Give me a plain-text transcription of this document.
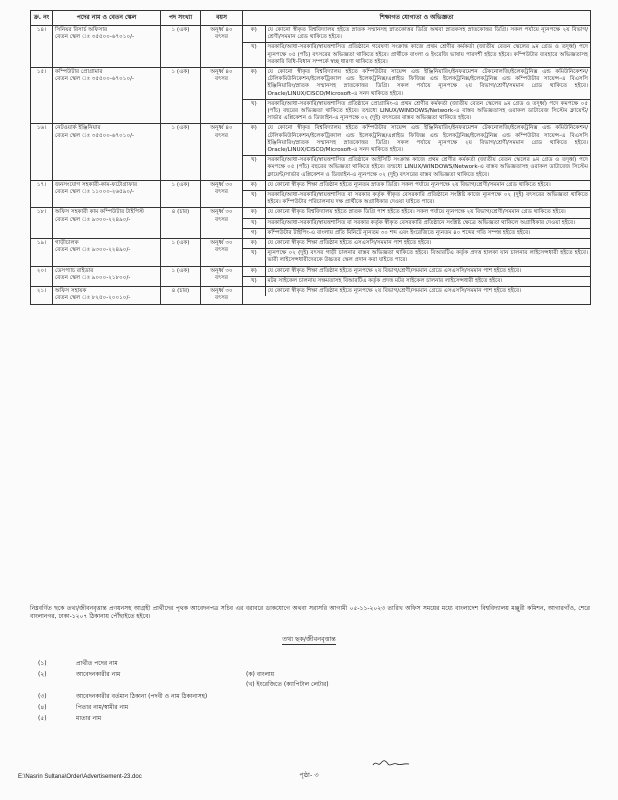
ক্র. নং	পদের নাম ও বেতন স্কেল	পদ সংখ্যা	বয়স	শিক্ষাগত যোগ্যতা ও অভিজ্ঞতা
১৪।	সিনিয়র রিসার্চ অফিসার
বেতন স্কেল ঃ ৩৫৫০০-৬৭০১০/-
	১ (এক)	অনূর্ধ্ব ৪০ বৎসর	
ক)	যে কোনো স্বীকৃত বিশ্ববিদ্যালয় হইতে স্নাতক সম্মানসহ স্নাতকোত্তর ডিগ্রি অথবা স্নাতকসহ স্নাতকোত্তর ডিগ্রি। সকল পর্যায়ে ন্যূনপক্ষে ২য় বিভাগ/শ্রেণী/সমমান গ্রেড থাকিতে হইবে।
খ)	সরকারি/আধা-সরকারি/স্বায়ত্তশাসিত প্রতিষ্ঠানে গবেষণা সংক্রান্ত কাজে প্রথম শ্রেণীর কর্মকর্তা (জাতীয় বেতন স্কেলের ৯ম গ্রেড ও তদূর্ধ্ব) পদে ন্যূনপক্ষে ০৫ (পাঁচ) বৎসরের অভিজ্ঞতা থাকিতে হইবে। প্রার্থীকে বাংলা ও ইংরেজি ভাষায় পারদর্শী হইতে হইবে। কম্পিউটার ব্যবহারে অভিজ্ঞতাসহ সরকারি বিধি-বিধান সম্পর্কে স্বচ্ছ ধারণা থাকিতে হইবে।

১৫।	কম্পিউটার প্রোগ্রামার
বেতন স্কেল ঃ ৩৫৫০০-৬৭০১০/-
	১ (এক)	অনূর্ধ্ব ৪০ বৎসর	
ক)	যে কোনো স্বীকৃত বিশ্ববিদ্যালয় হইতে কম্পিউটার সায়েন্স এন্ড ইঞ্জিনিয়ারিং/ইনফরমেশন টেকনোলজি/ইলেকট্রনিক্স এন্ড কমিউনিকেশন/টেলিকমিউনিকেশন/ইলেকট্রিক্যাল এন্ড ইলেকট্রনিক্স/এপ্লাইড ফিজিক্স এন্ড ইলেকট্রনিক্স/ইলেকট্রনিক্স এন্ড কম্পিউটার সায়েন্স-এ বিএসসি ইঞ্জিনিয়ারিং/স্নাতক সম্মানসহ স্নাতকোত্তর ডিগ্রি। সকল পর্যায়ে ন্যূনপক্ষে ২য় বিভাগ/শ্রেণী/সমমান গ্রেড থাকিতে হইবে। Oracle/LINUX/CISCO/Microsoft-এ সনদ থাকিতে হইবে।
খ)	সরকারি/আধা-সরকারি/স্বায়ত্তশাসিত প্রতিষ্ঠানে প্রোগ্রামিং-এ প্রথম শ্রেণীর কর্মকর্তা (জাতীয় বেতন স্কেলের ৯ম গ্রেড ও তদূর্ধ্ব) পদে কমপক্ষে ০৫ (পাঁচ) বছরের অভিজ্ঞতা থাকিতে হইবে। তন্মধ্যে LINUX/WINDOWS/Network-এ বাস্তব অভিজ্ঞতাসহ ওরাকল ডাটাবেজ সিস্টেম ক্লায়েন্ট/সার্ভার এপ্লিকেশন ও ডিজাইন-এ ন্যূনপক্ষে ০২ (দুই) বৎসরের বাস্তব অভিজ্ঞতা থাকিতে হইবে।

১৬।	নেটওয়ার্ক ইঞ্জিনিয়ার
বেতন স্কেল ঃ ৩৫৫০০-৬৭০১০/-
	১ (এক)	অনূর্ধ্ব ৪০ বৎসর	
ক)	যে কোনো স্বীকৃত বিশ্ববিদ্যালয় হইতে কম্পিউটার সায়েন্স এন্ড ইঞ্জিনিয়ারিং/ইনফরমেশন টেকনোলজি/ইলেকট্রনিক্স এন্ড কমিউনিকেশন/টেলিকমিউনিকেশন/ইলেকট্রিক্যাল এন্ড ইলেকট্রনিক্স/এপ্লাইড ফিজিক্স এন্ড ইলেকট্রনিক্স/ইলেকট্রনিক্স এন্ড কম্পিউটার সায়েন্স-এ বিএসসি ইঞ্জিনিয়ারিং/স্নাতক সম্মানসহ স্নাতকোত্তর ডিগ্রি। সকল পর্যায়ে ন্যূনপক্ষে ২য় বিভাগ/শ্রেণী/সমমান গ্রেড থাকিতে হইবে। Oracle/LINUX/CISCO/Microsoft-এ সনদ থাকিতে হইবে।
খ)	সরকারি/আধা-সরকারি/স্বায়ত্তশাসিত প্রতিষ্ঠানে আইসিটি সংক্রান্ত কাজে প্রথম শ্রেণীর কর্মকর্তা (জাতীয় বেতন স্কেলের ৯ম গ্রেড ও তদূর্ধ্ব) পদে কমপক্ষে ০৫ (পাঁচ) বছরের অভিজ্ঞতা থাকিতে হইবে। তন্মধ্যে LINUX/WINDOWS/Network-এ বাস্তব অভিজ্ঞতাসহ ওরাকল ডাটাবেজ সিস্টেম ক্লায়েন্ট/সার্ভার এপ্লিকেশন ও ডিজাইন-এ ন্যূনপক্ষে ০২ (দুই) বৎসরের বাস্তব অভিজ্ঞতা থাকিতে হইবে।

১৭।	জনসংযোগ সহকারী-কাম-ফটোগ্রাফার
বেতন স্কেল ঃ ১১০০০-২৬৫৯০/-
	১ (এক)	অনূর্ধ্ব ৩০ বৎসর	
ক)	যে কোনো স্বীকৃত শিক্ষা প্রতিষ্ঠান হইতে ন্যূনতম স্নাতক ডিগ্রি। সকল পর্যায়ে ন্যূনপক্ষে ২য় বিভাগ/শ্রেণী/সমমান গ্রেড থাকিতে হইবে।
খ)	সরকারি/আধা-সরকারি/স্বায়ত্তশাসিত বা সরকার কর্তৃক স্বীকৃত বেসরকারি প্রতিষ্ঠানে সংশ্লিষ্ট কাজে ন্যূনপক্ষে ০২ (দুই) বৎসরের অভিজ্ঞতা থাকিতে হইবে। কম্পিউটার পরিচালনায় দক্ষ প্রার্থীকে অগ্রাধিকার দেওয়া যাইতে পারে।

১৮।	অফিস সহকারী কাম কম্পিউটার টাইপিস্ট
বেতন স্কেল ঃ ৯৩০০-২২৪৯০/-
	৪ (চার)	অনূর্ধ্ব ৩০ বৎসর	
ক)	যে কোনো স্বীকৃত বিশ্ববিদ্যালয় হইতে স্নাতক ডিগ্রি পাশ হইতে হইবে। সকল পর্যায়ে ন্যূনপক্ষে ২য় বিভাগ/শ্রেণী/সমমান গ্রেড থাকিতে হইবে।
খ)	সরকারি/আধা-সরকারি/স্বায়ত্তশাসিত বা সরকার কর্তৃক স্বীকৃত বেসরকারি প্রতিষ্ঠানে সংশ্লিষ্ট ক্ষেত্রে অভিজ্ঞতা থাকিলে অগ্রাধিকার দেওয়া হইবে।
গ)	কম্পিউটার টাইপিং-এ বাংলায় প্রতি মিনিটে ন্যূনতম ৩০ শব্দ এবং ইংরেজিতে ন্যূনতম ৪০ শব্দের গতি সম্পন্ন হইতে হইবে।

১৯।	গাড়ীচালক
বেতন স্কেল ঃ ৯৩০০-২২৪৯০/-
	১ (এক)	অনূর্ধ্ব ৩০ বৎসর	
ক)	যে কোনো স্বীকৃত শিক্ষা প্রতিষ্ঠান হইতে এসএসসি/সমমান পাশ হইতে হইবে।
খ)	ন্যূনপক্ষে ০২ (দুই) বৎসর গাড়ী চালনার বাস্তব অভিজ্ঞতা থাকিতে হইবে। বিআরটিএ কর্তৃক প্রদত্ত হালকা যান চালনার লাইসেন্সধারী হইতে হইবে। ভারী লাইসেন্সধারীদেরকে উচ্চতর স্কেল প্রদান করা যাইতে পারে।

২০।	ডেসপ্যাচ রাইডার
বেতন স্কেল ঃ ৯০০০-২১৮০০/-
	১ (এক)	অনূর্ধ্ব ৩০ বৎসর	
ক)	যে কোনো স্বীকৃত শিক্ষা প্রতিষ্ঠান হইতে ন্যূনপক্ষে ২য় বিভাগ/শ্রেণী/সমমান গ্রেডে এসএসসি/সমমান পাশ হইতে হইবে।
খ)	মটর সাইকেল চালনায় সক্ষমতাসহ বিআরটিএ কর্তৃক প্রদত্ত মটর সাইকেল চালনার লাইসেন্সধারী হইতে হইবে।

২১।	অফিস সহায়ক
বেতন স্কেল ঃ ৮২৫০-২০০১০/-
	৪ (চার)	অনূর্ধ্ব ৩০ বৎসর	
	যে কোনো স্বীকৃত শিক্ষা প্রতিষ্ঠান হইতে ন্যূনপক্ষে ২য় বিভাগ/শ্রেণী/সমমান গ্রেডে এসএসসি/সমমান পাশ হইতে হইবে।
নিম্নবর্ণিত ছকে তথ্য/জীবনবৃত্তান্ত প্রণয়নসহ আগ্রহী প্রার্থীদের পৃথক আবেদনপত্র সচিব এর বরাবরে ডাকযোগে অথবা সরাসরি আগামী ০৫-১১-২০২৩ তারিখ অফিস সময়ের মধ্যে বাংলাদেশ বিশ্ববিদ্যালয় মঞ্জুরী কমিশন, আগারগাঁও, শেরে বাংলানগর, ঢাকা-১২০৭ ঠিকানায় পৌঁছাইতে হইবে।
তথ্য ছক/জীবনবৃত্তান্ত
(১)	প্রার্থীত পদের নাম
(২)	আবেদনকারীর নাম	(ক) বাংলায়
(খ) ইংরেজিতে (ক্যাপিটাল লেটার)
(৩)	আবেদনকারীর বর্তমান ঠিকানা (পদবী ও নাম ঠিকানাসহ)
(৪)	পিতার নাম/স্বামীর নাম
(৫)	মাতার নাম
পৃষ্ঠা- ৩
E:\Nasrin Sultana\Order\Advertisement-23.doc
